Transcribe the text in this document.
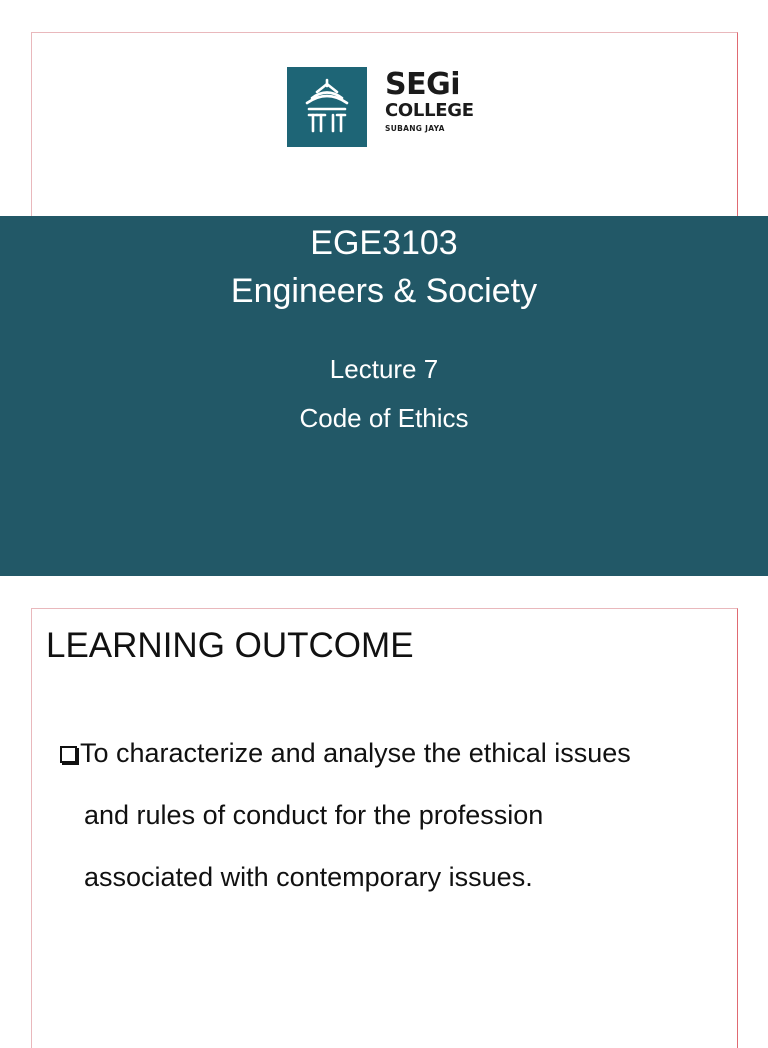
SEGi
COLLEGE
SUBANG JAYA
EGE3103
Engineers & Society
Lecture 7
Code of Ethics
LEARNING OUTCOME
To characterize and analyse the ethical issues
and rules of conduct for the profession
associated with contemporary issues.
